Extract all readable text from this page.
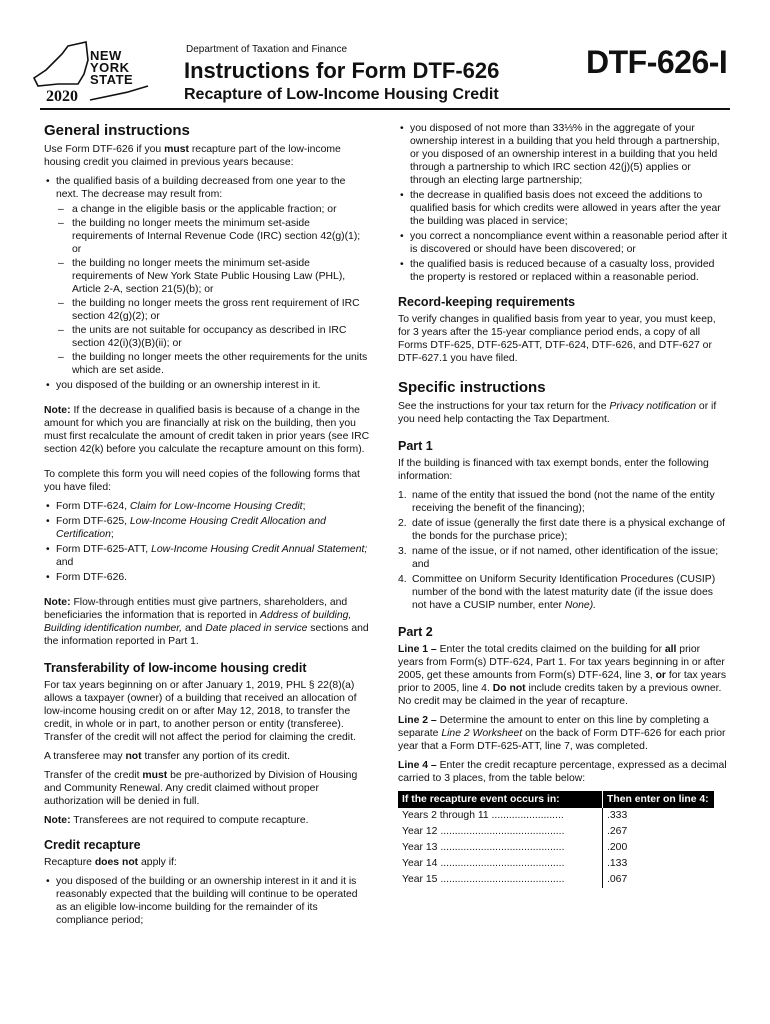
NEW YORK STATE
2020
Department of Taxation and Finance
Instructions for Form DTF-626
Recapture of Low-Income Housing Credit
DTF-626-I
General instructions

Use Form DTF-626 if you must recapture part of the low-income housing credit you claimed in previous years because:

• the qualified basis of a building decreased from one year to the next. The decrease may result from:
– a change in the eligible basis or the applicable fraction; or
– the building no longer meets the minimum set-aside requirements of Internal Revenue Code (IRC) section 42(g)(1); or
– the building no longer meets the minimum set-aside requirements of New York State Public Housing Law (PHL), Article 2-A, section 21(5)(b); or
– the building no longer meets the gross rent requirement of IRC section 42(g)(2); or
– the units are not suitable for occupancy as described in IRC section 42(i)(3)(B)(ii); or
– the building no longer meets the other requirements for the units which are set aside.
• you disposed of the building or an ownership interest in it.

Note: If the decrease in qualified basis is because of a change in the amount for which you are financially at risk on the building, then you must first recalculate the amount of credit taken in prior years (see IRC section 42(k) before you calculate the recapture amount on this form).

To complete this form you will need copies of the following forms that you have filed:

• Form DTF-624, Claim for Low-Income Housing Credit;
• Form DTF-625, Low-Income Housing Credit Allocation and Certification;
• Form DTF-625-ATT, Low-Income Housing Credit Annual Statement; and
• Form DTF-626.

Note: Flow-through entities must give partners, shareholders, and beneficiaries the information that is reported in Address of building, Building identification number, and Date placed in service sections and the information reported in Part 1.

Transferability of low-income housing credit

For tax years beginning on or after January 1, 2019, PHL § 22(8)(a) allows a taxpayer (owner) of a building that received an allocation of low-income housing credit on or after May 12, 2018, to transfer the credit, in whole or in part, to another person or entity (transferee). Transfer of the credit will not affect the period for claiming the credit.

A transferee may not transfer any portion of its credit.

Transfer of the credit must be pre-authorized by Division of Housing and Community Renewal. Any credit claimed without proper authorization will be denied in full.

Note: Transferees are not required to compute recapture.

Credit recapture

Recapture does not apply if:

• you disposed of the building or an ownership interest in it and it is reasonably expected that the building will continue to be operated as an eligible low-income building for the remainder of its compliance period;
• you disposed of not more than 33⅓% in the aggregate of your ownership interest in a building that you held through a partnership, or you disposed of an ownership interest in a building that you held through a partnership to which IRC section 42(j)(5) applies or through an electing large partnership;
• the decrease in qualified basis does not exceed the additions to qualified basis for which credits were allowed in years after the year the building was placed in service;
• you correct a noncompliance event within a reasonable period after it is discovered or should have been discovered; or
• the qualified basis is reduced because of a casualty loss, provided the property is restored or replaced within a reasonable period.
Record-keeping requirements

To verify changes in qualified basis from year to year, you must keep, for 3 years after the 15-year compliance period ends, a copy of all Forms DTF-625, DTF-625-ATT, DTF-624, DTF-626, and DTF-627 or DTF-627.1 you have filed.

Specific instructions

See the instructions for your tax return for the Privacy notification or if you need help contacting the Tax Department.

Part 1

If the building is financed with tax exempt bonds, enter the following information:

1. name of the entity that issued the bond (not the name of the entity receiving the benefit of the financing);
2. date of issue (generally the first date there is a physical exchange of the bonds for the purchase price);
3. name of the issue, or if not named, other identification of the issue; and
4. Committee on Uniform Security Identification Procedures (CUSIP) number of the bond with the latest maturity date (if the issue does not have a CUSIP number, enter None).
Part 2

Line 1 – Enter the total credits claimed on the building for all prior years from Form(s) DTF-624, Part 1. For tax years beginning in or after 2005, get these amounts from Form(s) DTF-624, line 3, or for tax years prior to 2005, line 4. Do not include credits taken by a previous owner. No credit may be claimed in the year of recapture.

Line 2 – Determine the amount to enter on this line by completing a separate Line 2 Worksheet on the back of Form DTF-626 for each prior year that a Form DTF-625-ATT, line 7, was completed.

Line 4 – Enter the credit recapture percentage, expressed as a decimal carried to 3 places, from the table below:

If the recapture event occurs in:	Then enter on line 4:
Years 2 through 11 .........................	.333
Year 12 ...........................................	.267
Year 13 ...........................................	.200
Year 14 ...........................................	.133
Year 15 ...........................................	.067
